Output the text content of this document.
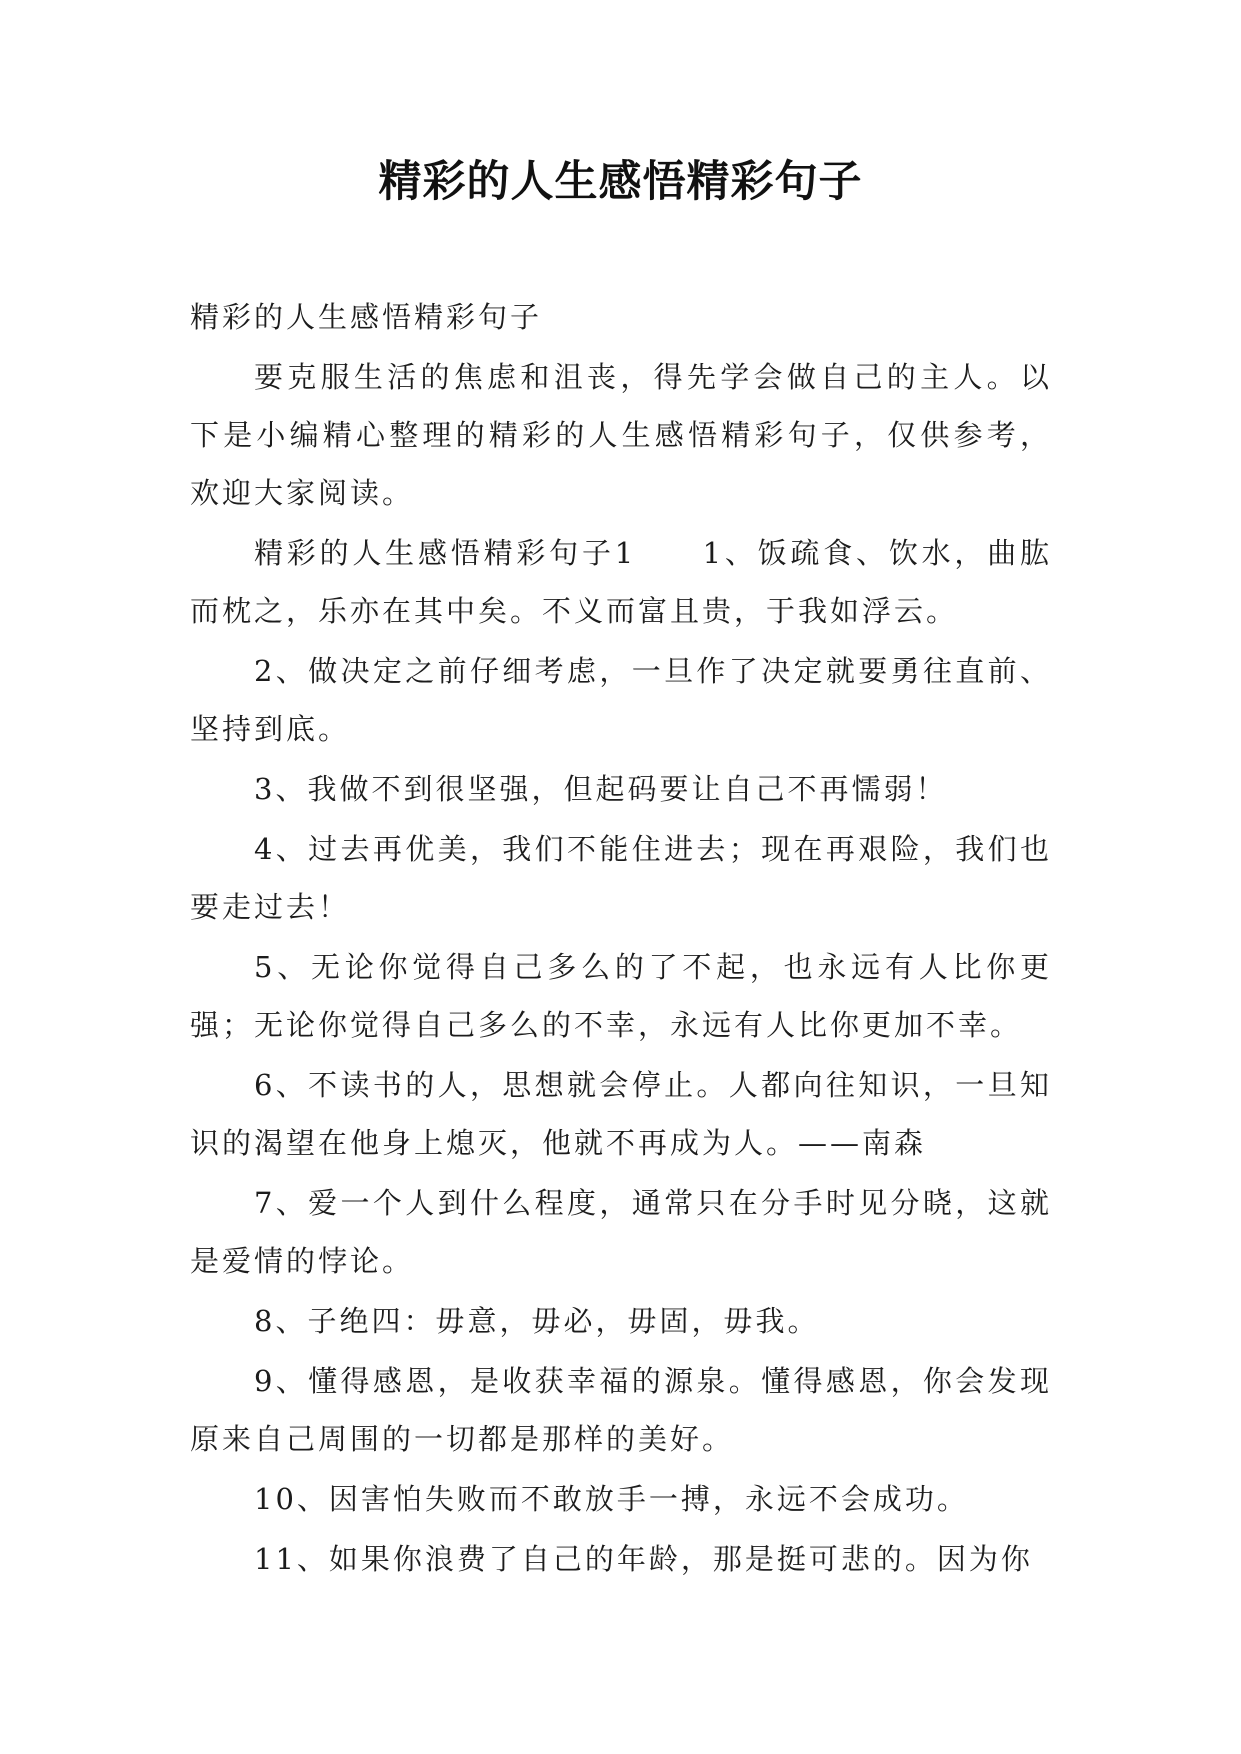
精彩的人生感悟精彩句子

精彩的人生感悟精彩句子

要克服生活的焦虑和沮丧，得先学会做自己的主人。以下是小编精心整理的精彩的人生感悟精彩句子，仅供参考，欢迎大家阅读。

精彩的人生感悟精彩句子1　　1、饭疏食、饮水，曲肱而枕之，乐亦在其中矣。不义而富且贵，于我如浮云。

2、做决定之前仔细考虑，一旦作了决定就要勇往直前、坚持到底。

3、我做不到很坚强，但起码要让自己不再懦弱！

4、过去再优美，我们不能住进去；现在再艰险，我们也要走过去！

5、无论你觉得自己多么的了不起，也永远有人比你更强；无论你觉得自己多么的不幸，永远有人比你更加不幸。

6、不读书的人，思想就会停止。人都向往知识，一旦知识的渴望在他身上熄灭，他就不再成为人。——南森

7、爱一个人到什么程度，通常只在分手时见分晓，这就是爱情的悖论。

8、子绝四：毋意，毋必，毋固，毋我。

9、懂得感恩，是收获幸福的源泉。懂得感恩，你会发现原来自己周围的一切都是那样的美好。

10、因害怕失败而不敢放手一搏，永远不会成功。

11、如果你浪费了自己的年龄，那是挺可悲的。因为你
